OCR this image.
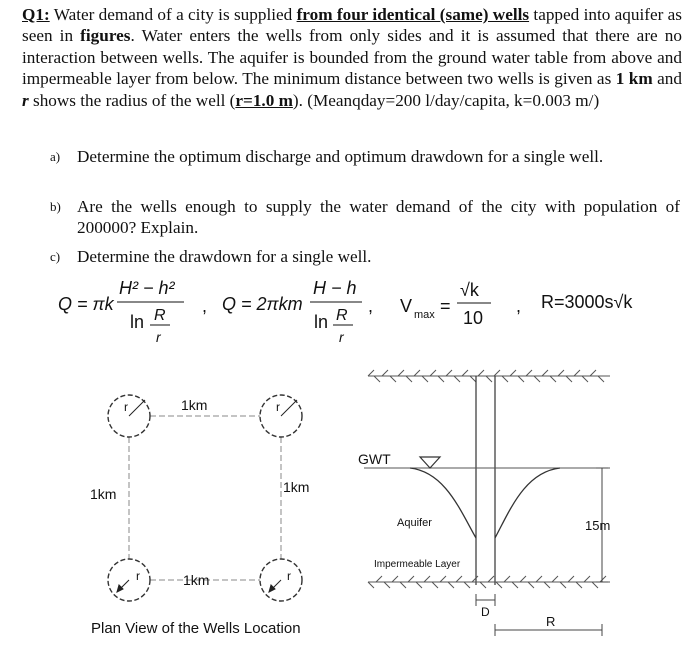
Q1: Water demand of a city is supplied from four identical (same) wells tapped into aquifer as seen in figures. Water enters the wells from only sides and it is assumed that there are no interaction between wells. The aquifer is bounded from the ground water table from above and impermeable layer from below. The minimum distance between two wells is given as 1 km and r shows the radius of the well (r=1.0 m). (Meanqday=200 l/day/capita, k=0.003 m/)
a) Determine the optimum discharge and optimum drawdown for a single well.
b) Are the wells enough to supply the water demand of the city with population of 200000? Explain.
c) Determine the drawdown for a single well.
Q = πk
H² − h²
ln R
r
, Q = 2πkm
H − h
ln R
r
, V max =
√k
10
, R=3000s√k
r	r
r	r
1km
1km	1km
1km
Plan View of the Wells Location
GWT
Aquifer
Impermeable Layer
15m
D
R
